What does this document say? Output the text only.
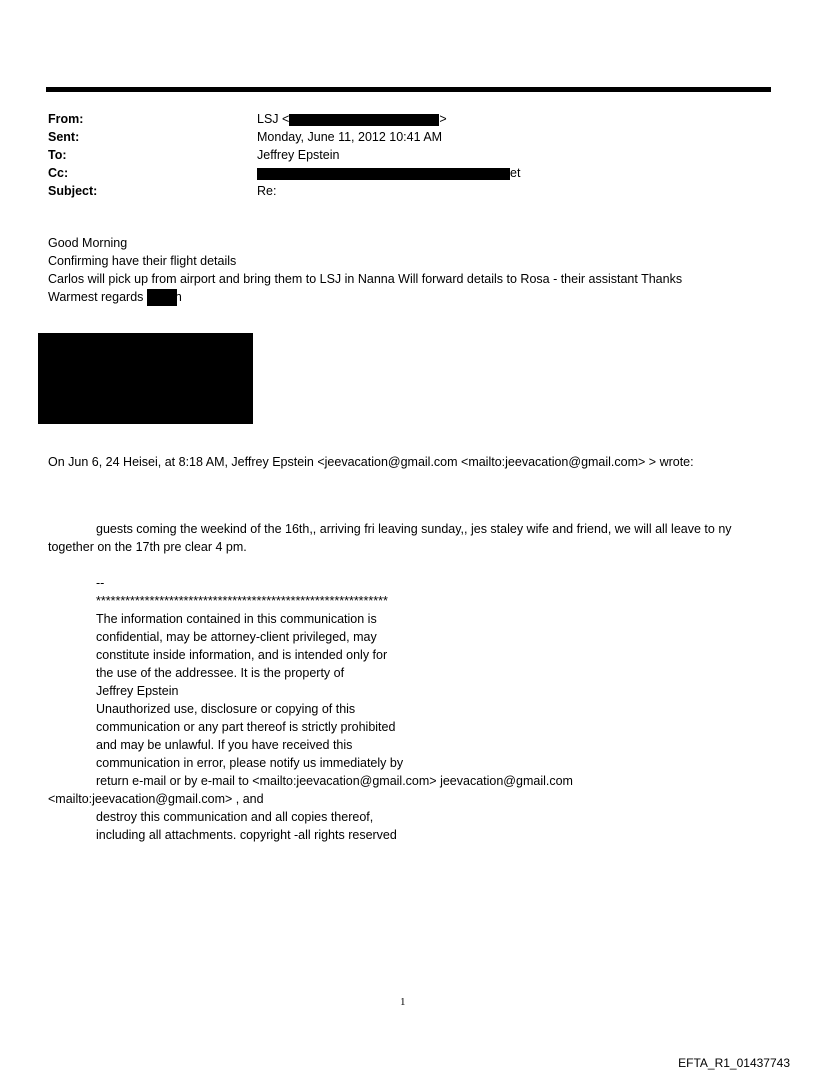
From:	LSJ <	>
Sent:	Monday, June 11, 2012 10:41 AM
To:	Jeffrey Epstein
Cc:	et
Subject:	Re:
Good Morning
Confirming have their flight details
Carlos will pick up from airport and bring them to LSJ in Nanna Will forward details to Rosa - their assistant Thanks
Warmest regards	n
On Jun 6, 24 Heisei, at 8:18 AM, Jeffrey Epstein <jeevacation@gmail.com <mailto:jeevacation@gmail.com> > wrote:
guests coming the weekind of the 16th,, arriving fri leaving sunday,, jes staley wife and friend, we will all leave to ny together on the 17th pre clear 4 pm.
--
************************************************************
The information contained in this communication is
confidential, may be attorney-client privileged, may
constitute inside information, and is intended only for
the use of the addressee. It is the property of
Jeffrey Epstein
Unauthorized use, disclosure or copying of this
communication or any part thereof is strictly prohibited
and may be unlawful. If you have received this
communication in error, please notify us immediately by
return e-mail or by e-mail to <mailto:jeevacation@gmail.com> jeevacation@gmail.com
<mailto:jeevacation@gmail.com> , and
destroy this communication and all copies thereof,
including all attachments. copyright -all rights reserved
1
EFTA_R1_01437743
